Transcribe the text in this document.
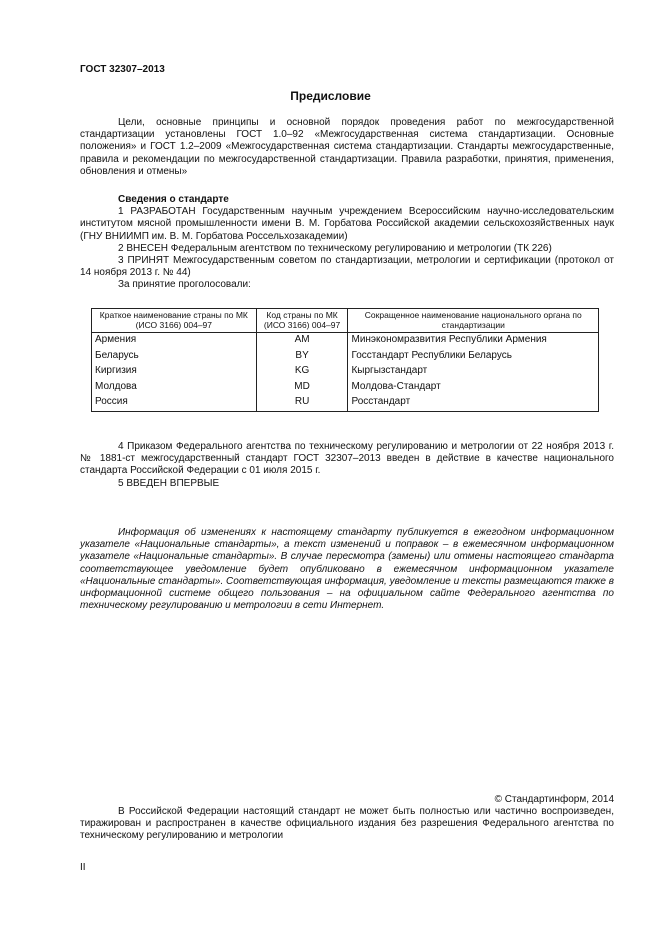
ГОСТ 32307–2013
Предисловие

Цели, основные принципы и основной порядок проведения работ по межгосударственной стандартизации установлены ГОСТ 1.0–92 «Межгосударственная система стандартизации. Основные положения» и ГОСТ 1.2–2009 «Межгосударственная система стандартизации. Стандарты межгосударственные, правила и рекомендации по межгосударственной стандартизации. Правила разработки, принятия, применения, обновления и отмены»

Сведения о стандарте

1 РАЗРАБОТАН Государственным научным учреждением Всероссийским научно-исследовательским институтом мясной промышленности имени В. М. Горбатова Российской академии сельскохозяйственных наук (ГНУ ВНИИМП им. В. М. Горбатова Россельхозакадемии)

2 ВНЕСЕН Федеральным агентством по техническому регулированию и метрологии (ТК 226)

3 ПРИНЯТ Межгосударственным советом по стандартизации, метрологии и сертификации (протокол от 14 ноября 2013 г. № 44)

За принятие проголосовали:

Краткое наименование страны по МК (ИСО 3166) 004–97	Код страны по МК (ИСО 3166) 004–97	Сокращенное наименование национального органа по стандартизации
Армения	AM	Минэкономразвития Республики Армения
Беларусь	BY	Госстандарт Республики Беларусь
Киргизия	KG	Кыргызстандарт
Молдова	MD	Молдова-Стандарт
Россия	RU	Росстандарт

4 Приказом Федерального агентства по техническому регулированию и метрологии от 22 ноября 2013 г. № 1881-ст межгосударственный стандарт ГОСТ 32307–2013 введен в действие в качестве национального стандарта Российской Федерации с 01 июля 2015 г.

5 ВВЕДЕН ВПЕРВЫЕ

Информация об изменениях к настоящему стандарту публикуется в ежегодном информационном указателе «Национальные стандарты», а текст изменений и поправок – в ежемесячном информационном указателе «Национальные стандарты». В случае пересмотра (замены) или отмены настоящего стандарта соответствующее уведомление будет опубликовано в ежемесячном информационном указателе «Национальные стандарты». Соответствующая информация, уведомление и тексты размещаются также в информационной системе общего пользования – на официальном сайте Федерального агентства по техническому регулированию и метрологии в сети Интернет.

© Стандартинформ, 2014

В Российской Федерации настоящий стандарт не может быть полностью или частично воспроизведен, тиражирован и распространен в качестве официального издания без разрешения Федерального агентства по техническому регулированию и метрологии

II
